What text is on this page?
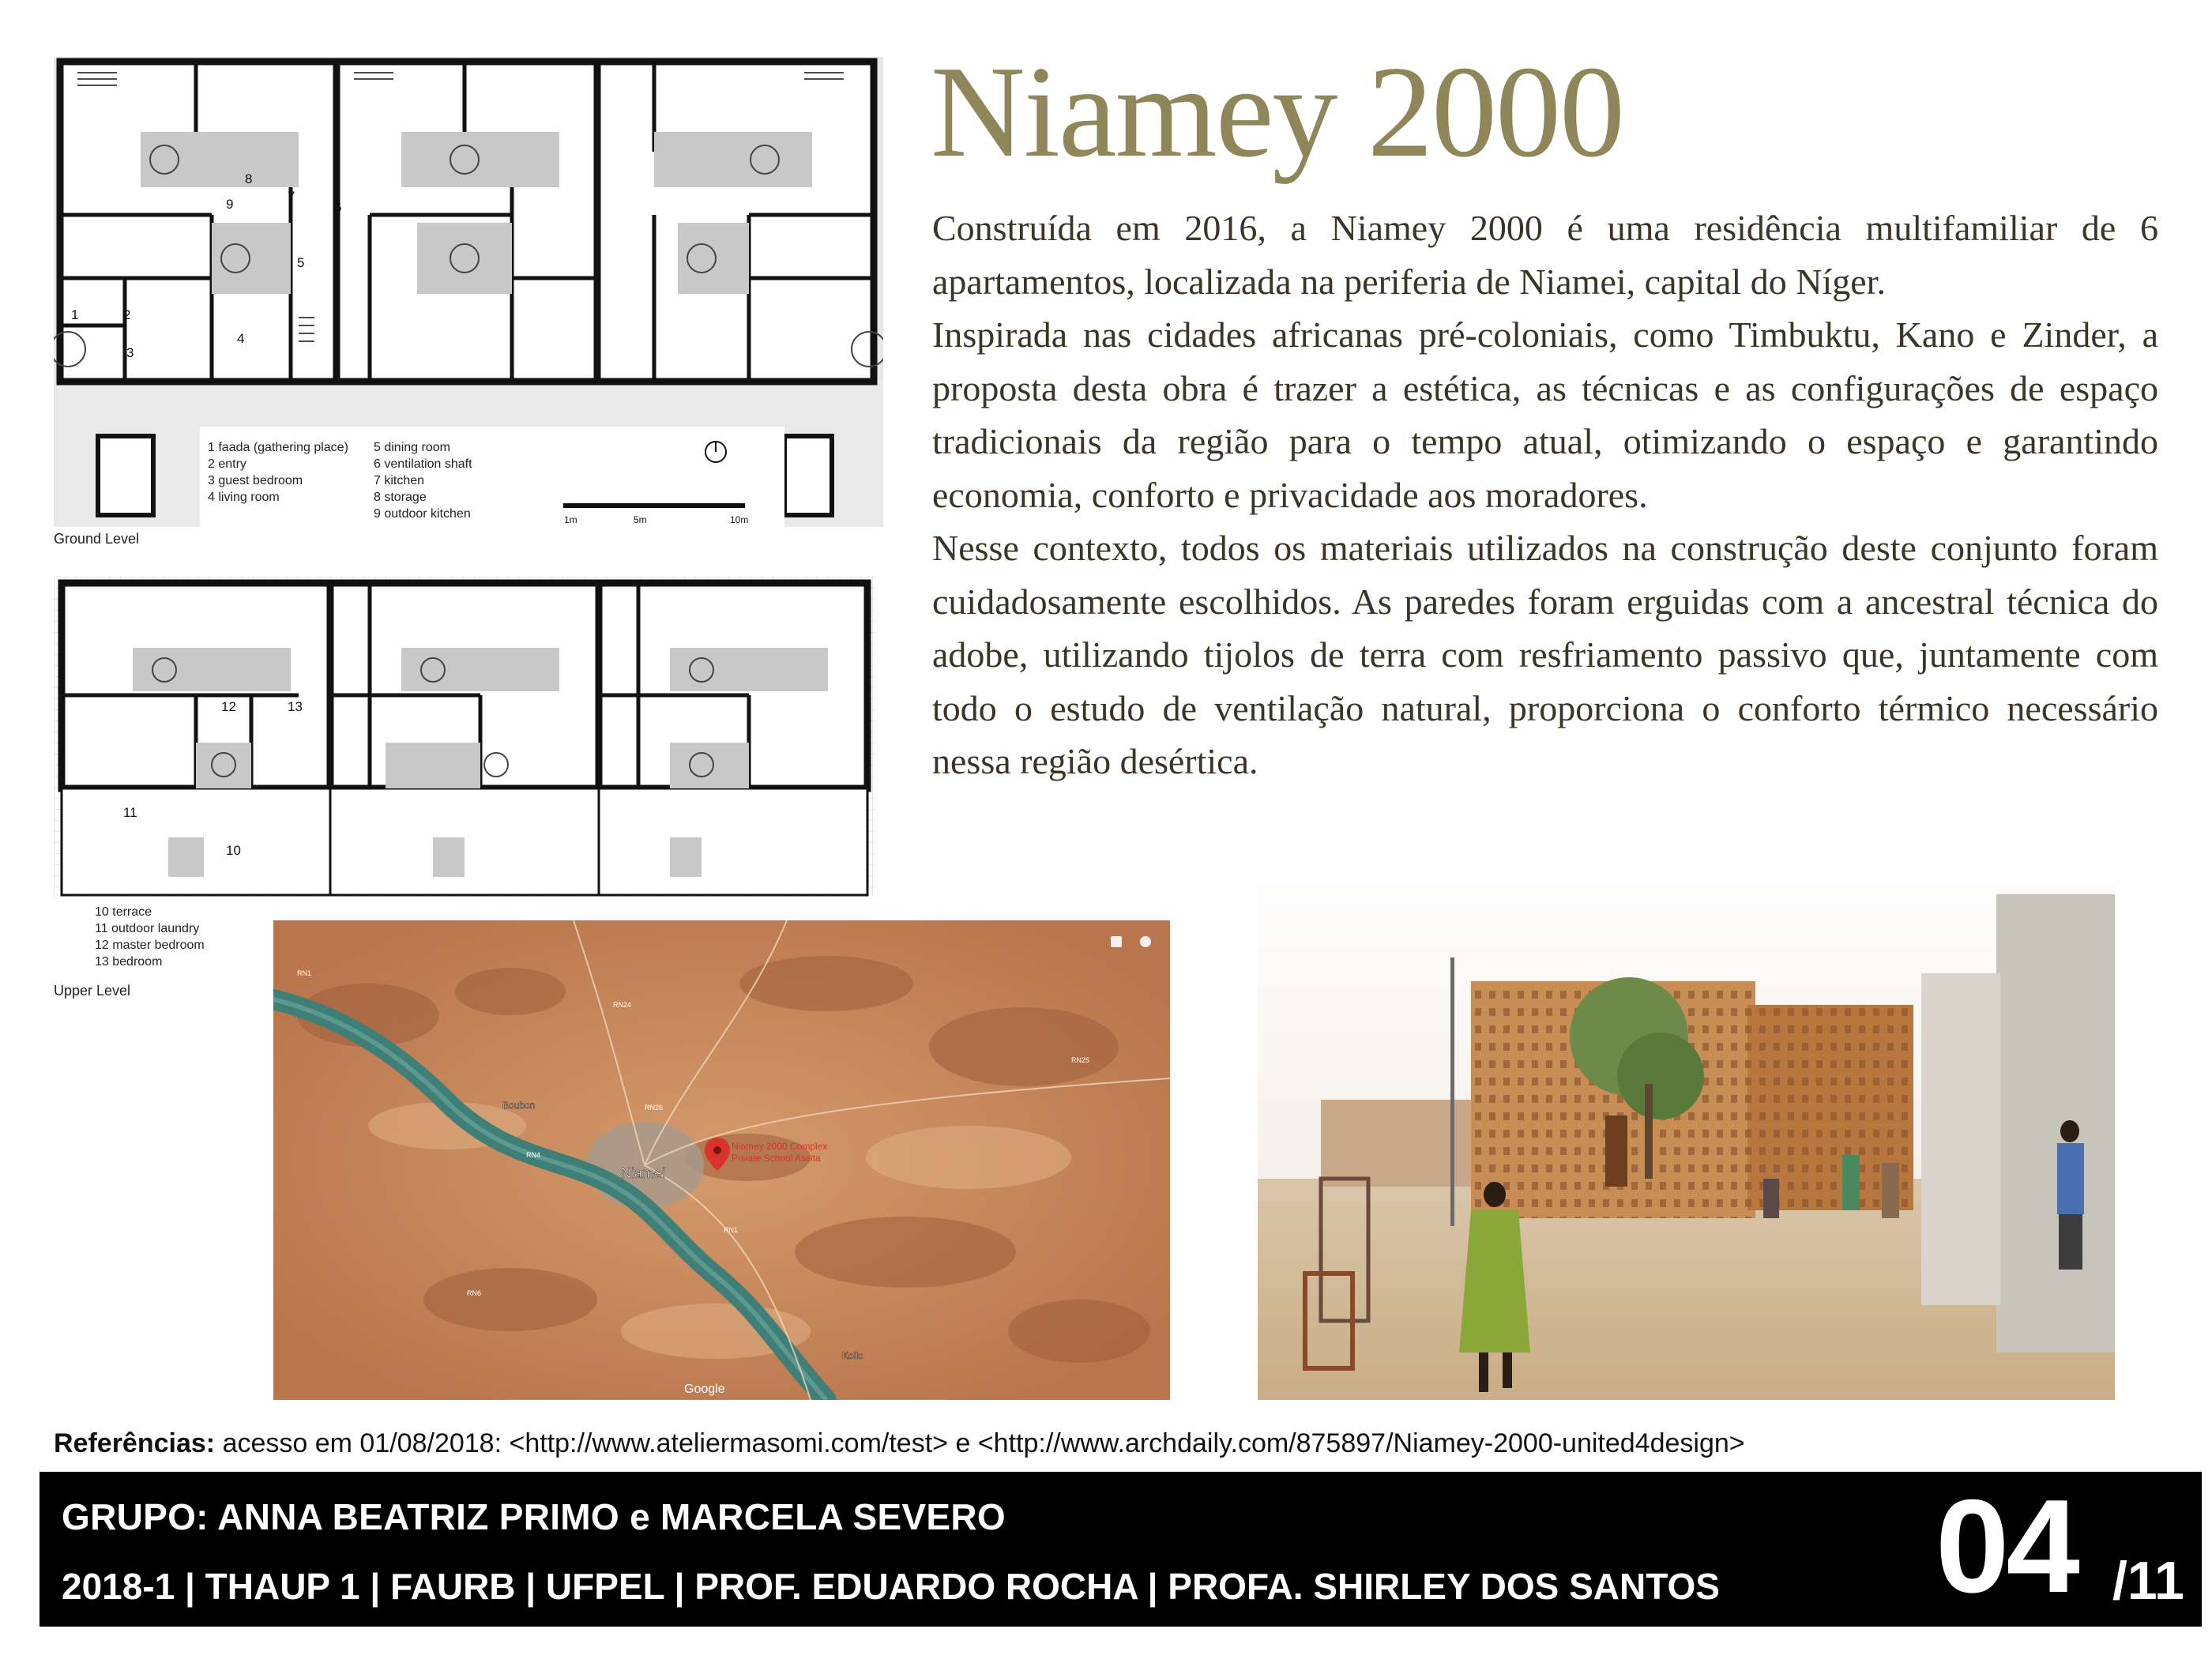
1	2
3
4
5
6
7
8
9
1m	5m	10m
1 faada (gathering place)
2 entry
3 guest bedroom
4 living room
5 dining room
6 ventilation shaft
7 kitchen
8 storage
9 outdoor kitchen
Ground Level
10
11
12	13
10 terrace
11 outdoor laundry
12 master bedroom
13 bedroom
Upper Level
Niamey 2000

Construída em 2016, a Niamey 2000 é uma residência multifamiliar de 6 apartamentos, localizada na periferia de Niamei, capital do Níger.

Inspirada nas cidades africanas pré-coloniais, como Timbuktu, Kano e Zinder, a proposta desta obra é trazer a estética, as técnicas e as configurações de espaço tradicionais da região para o tempo atual, otimizando o espaço e garantindo economia, conforto e privacidade aos moradores.

Nesse contexto, todos os materiais utilizados na construção deste conjunto foram cuidadosamente escolhidos. As paredes foram erguidas com a ancestral técnica do adobe, utilizando tijolos de terra com resfriamento passivo que, juntamente com todo o estudo de ventilação natural, proporciona o conforto térmico necessário nessa região desértica.

Niamei
Niamey 2000 Complex
Private School Assita
Boubon
Kollo
Google
RN1
RN24
RN25
RN26
RN4
RN6
RN1
Referências: acesso em 01/08/2018: <http://www.ateliermasomi.com/test> e <http://www.archdaily.com/875897/Niamey-2000-united4design>
GRUPO: ANNA BEATRIZ PRIMO e MARCELA SEVERO
2018-1 | THAUP 1 | FAURB | UFPEL | PROF. EDUARDO ROCHA | PROFA. SHIRLEY DOS SANTOS 04 /11
